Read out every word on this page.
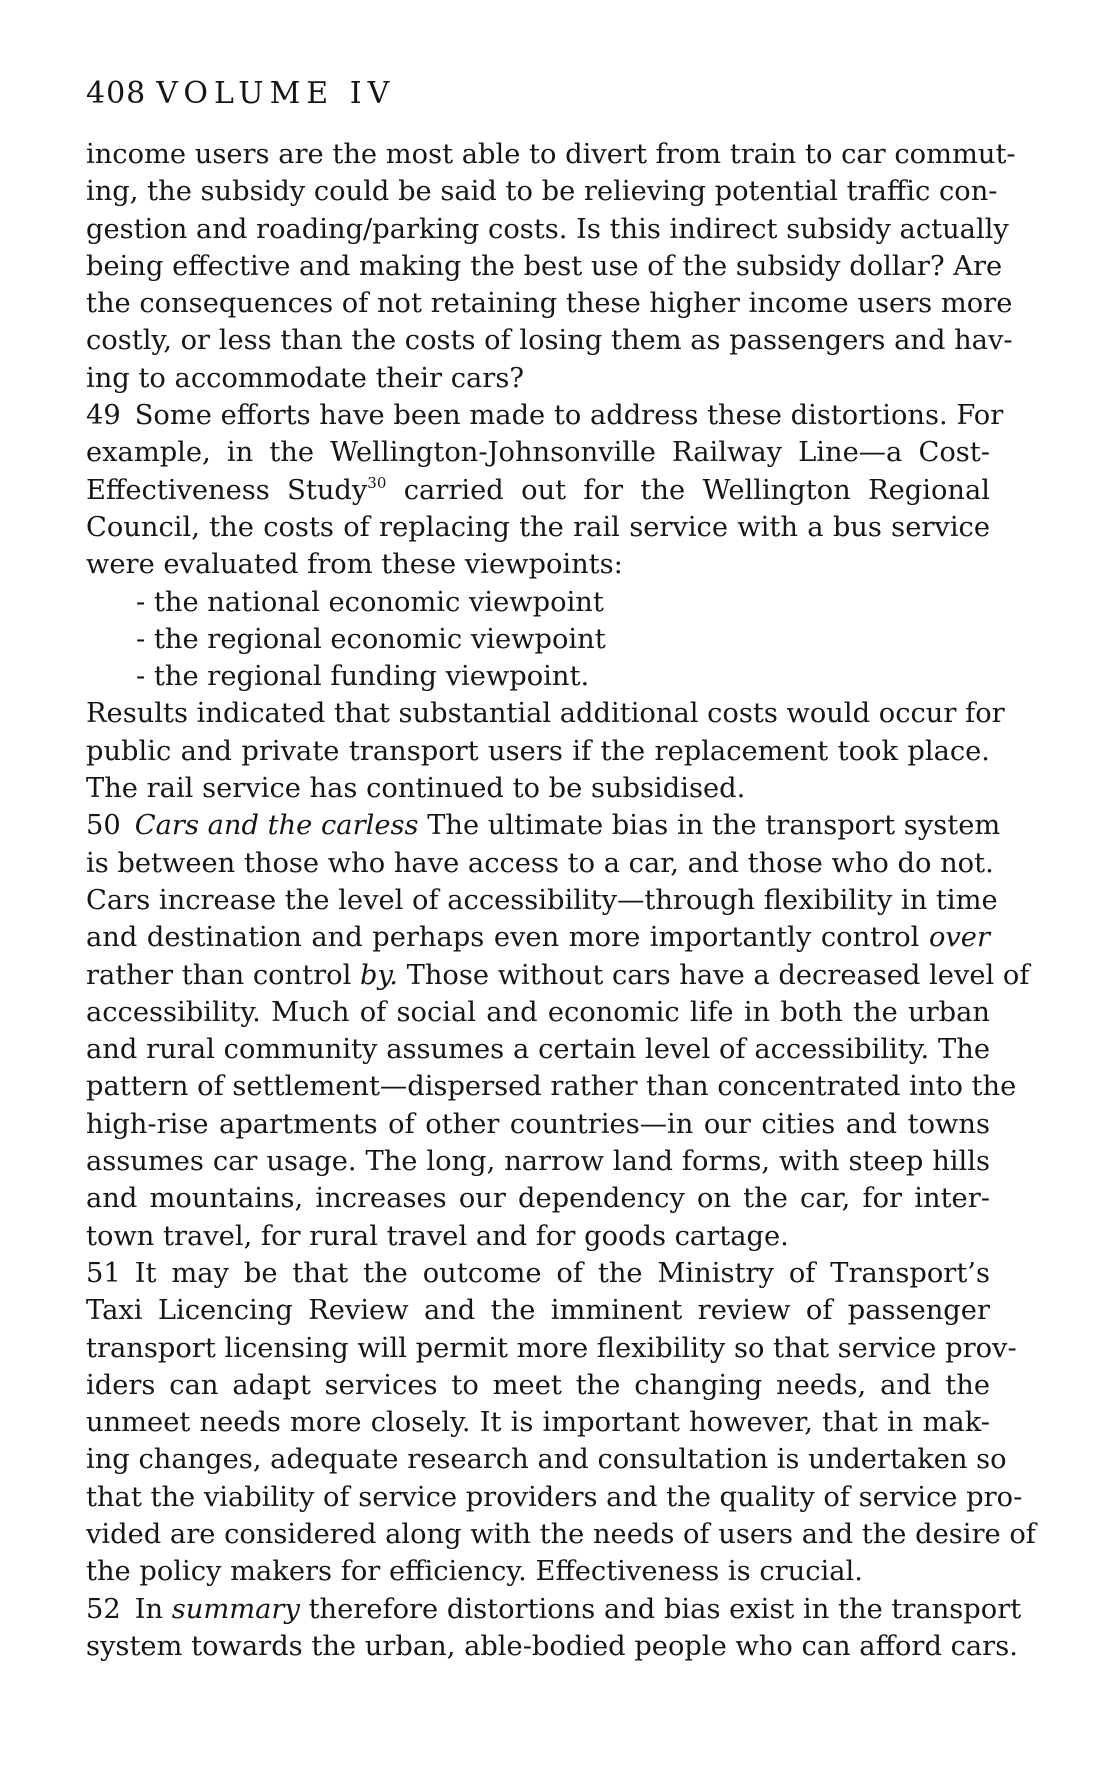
408 VOLUME IV
income users are the most able to divert from train to car commut-
ing, the subsidy could be said to be relieving potential traffic con-
gestion and roading/parking costs. Is this indirect subsidy actually
being effective and making the best use of the subsidy dollar? Are
the consequences of not retaining these higher income users more
costly, or less than the costs of losing them as passengers and hav-
ing to accommodate their cars?
49 Some efforts have been made to address these distortions. For
example, in the Wellington-Johnsonville Railway Line—a Cost-
Effectiveness Study$^{30}$ carried out for the Wellington Regional
Council, the costs of replacing the rail service with a bus service
were evaluated from these viewpoints:
- the national economic viewpoint
- the regional economic viewpoint
- the regional funding viewpoint.
Results indicated that substantial additional costs would occur for
public and private transport users if the replacement took place.
The rail service has continued to be subsidised.
50 Cars and the carless The ultimate bias in the transport system
is between those who have access to a car, and those who do not.
Cars increase the level of accessibility—through flexibility in time
and destination and perhaps even more importantly control over
rather than control by. Those without cars have a decreased level of
accessibility. Much of social and economic life in both the urban
and rural community assumes a certain level of accessibility. The
pattern of settlement—dispersed rather than concentrated into the
high-rise apartments of other countries—in our cities and towns
assumes car usage. The long, narrow land forms, with steep hills
and mountains, increases our dependency on the car, for inter-
town travel, for rural travel and for goods cartage.
51 It may be that the outcome of the Ministry of Transport’s
Taxi Licencing Review and the imminent review of passenger
transport licensing will permit more flexibility so that service prov-
iders can adapt services to meet the changing needs, and the
unmeet needs more closely. It is important however, that in mak-
ing changes, adequate research and consultation is undertaken so
that the viability of service providers and the quality of service pro-
vided are considered along with the needs of users and the desire of
the policy makers for efficiency. Effectiveness is crucial.
52 In summary therefore distortions and bias exist in the transport
system towards the urban, able-bodied people who can afford cars.
